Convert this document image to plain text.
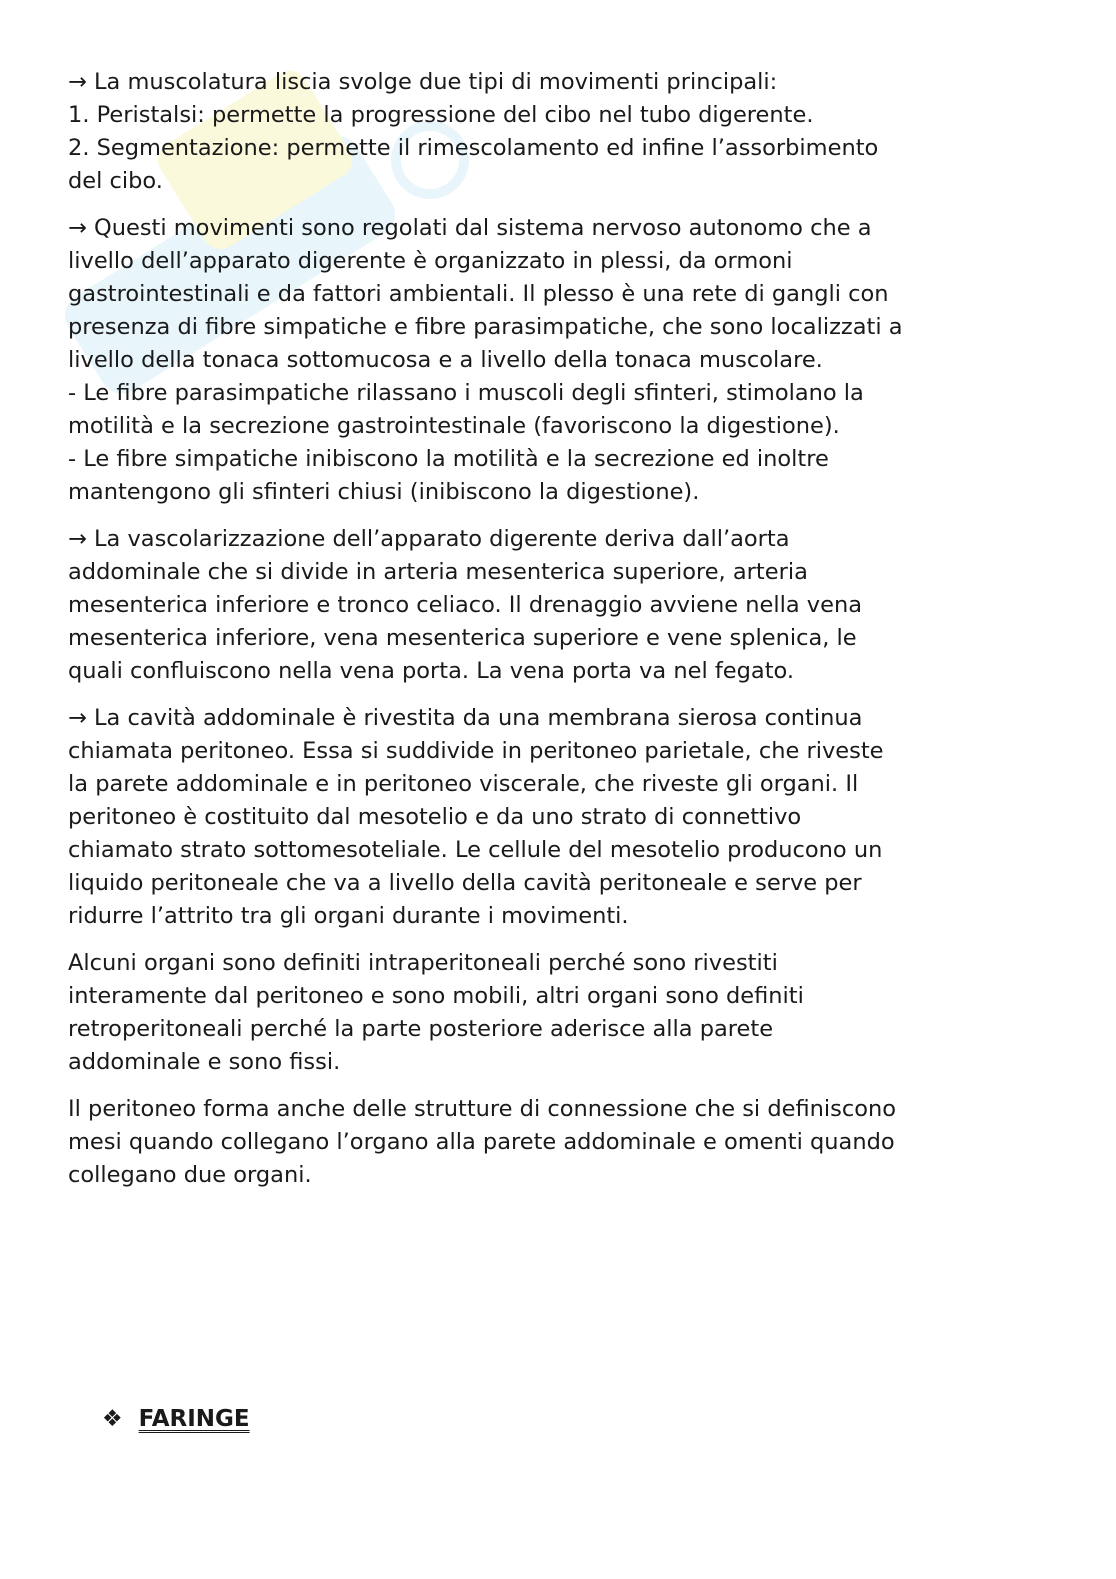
→ La muscolatura liscia svolge due tipi di movimenti principali:
1. Peristalsi: permette la progressione del cibo nel tubo digerente.
2. Segmentazione: permette il rimescolamento ed infine l’assorbimento
del cibo.

→ Questi movimenti sono regolati dal sistema nervoso autonomo che a
livello dell’apparato digerente è organizzato in plessi, da ormoni
gastrointestinali e da fattori ambientali. Il plesso è una rete di gangli con
presenza di fibre simpatiche e fibre parasimpatiche, che sono localizzati a
livello della tonaca sottomucosa e a livello della tonaca muscolare.
- Le fibre parasimpatiche rilassano i muscoli degli sfinteri, stimolano la
motilità e la secrezione gastrointestinale (favoriscono la digestione).
- Le fibre simpatiche inibiscono la motilità e la secrezione ed inoltre
mantengono gli sfinteri chiusi (inibiscono la digestione).

→ La vascolarizzazione dell’apparato digerente deriva dall’aorta
addominale che si divide in arteria mesenterica superiore, arteria
mesenterica inferiore e tronco celiaco. Il drenaggio avviene nella vena
mesenterica inferiore, vena mesenterica superiore e vene splenica, le
quali confluiscono nella vena porta. La vena porta va nel fegato.

→ La cavità addominale è rivestita da una membrana sierosa continua
chiamata peritoneo. Essa si suddivide in peritoneo parietale, che riveste
la parete addominale e in peritoneo viscerale, che riveste gli organi. Il
peritoneo è costituito dal mesotelio e da uno strato di connettivo
chiamato strato sottomesoteliale. Le cellule del mesotelio producono un
liquido peritoneale che va a livello della cavità peritoneale e serve per
ridurre l’attrito tra gli organi durante i movimenti.

Alcuni organi sono definiti intraperitoneali perché sono rivestiti
interamente dal peritoneo e sono mobili, altri organi sono definiti
retroperitoneali perché la parte posteriore aderisce alla parete
addominale e sono fissi.

Il peritoneo forma anche delle strutture di connessione che si definiscono
mesi quando collegano l’organo alla parete addominale e omenti quando
collegano due organi.

❖ FARINGE
